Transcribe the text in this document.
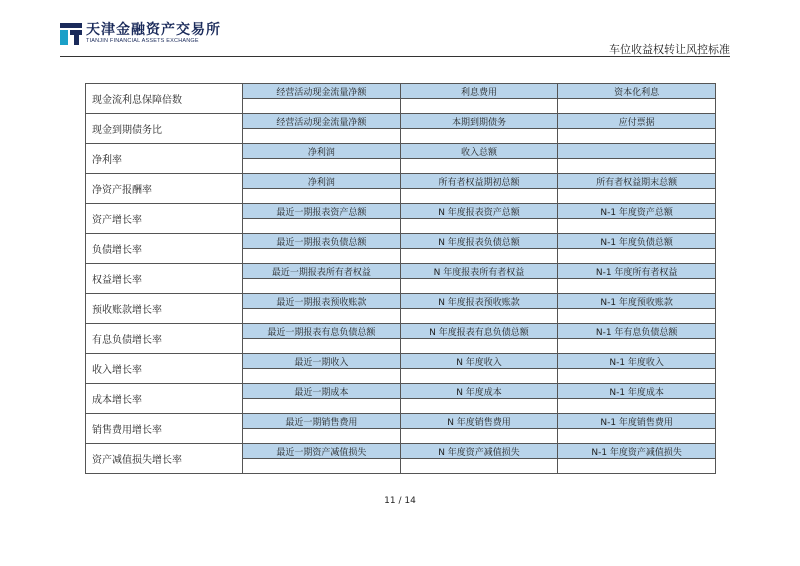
天津金融资产交易所
TIANJIN FINANCIAL ASSETS EXCHANGE
车位收益权转让风控标准
现金流利息保障倍数	经营活动现金流量净额	利息费用	资本化利息

现金到期债务比	经营活动现金流量净额	本期到期债务	应付票据

净利率	净利润	收入总额	

净资产报酬率	净利润	所有者权益期初总额	所有者权益期末总额

资产增长率	最近一期报表资产总额	N 年度报表资产总额	N-1 年度资产总额

负债增长率	最近一期报表负债总额	N 年度报表负债总额	N-1 年度负债总额

权益增长率	最近一期报表所有者权益	N 年度报表所有者权益	N-1 年度所有者权益

预收账款增长率	最近一期报表预收账款	N 年度报表预收账款	N-1 年度预收账款

有息负债增长率	最近一期报表有息负债总额	N 年度报表有息负债总额	N-1 年有息负债总额

收入增长率	最近一期收入	N 年度收入	N-1 年度收入

成本增长率	最近一期成本	N 年度成本	N-1 年度成本

销售费用增长率	最近一期销售费用	N 年度销售费用	N-1 年度销售费用

资产减值损失增长率	最近一期资产减值损失	N 年度资产减值损失	N-1 年度资产减值损失

11 / 14
